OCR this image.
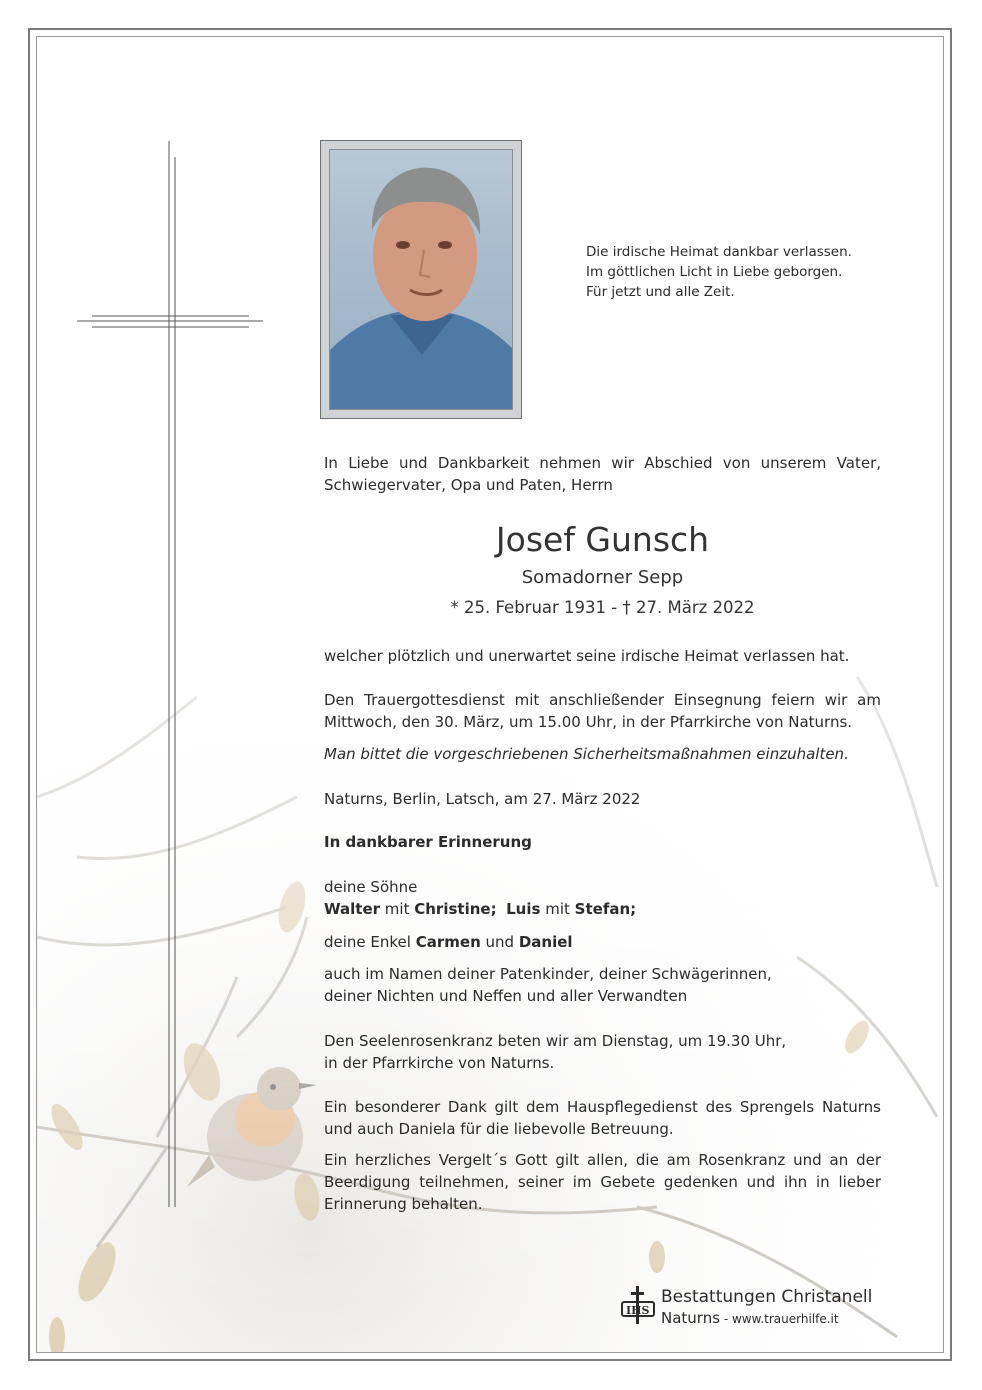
Die irdische Heimat dankbar verlassen.
Im göttlichen Licht in Liebe geborgen.
Für jetzt und alle Zeit.
In Liebe und Dankbarkeit nehmen wir Abschied von unserem Vater, Schwiegervater, Opa und Paten, Herrn
Josef Gunsch
Somadorner Sepp
* 25. Februar 1931 - † 27. März 2022
welcher plötzlich und unerwartet seine irdische Heimat verlassen hat.
Den Trauergottesdienst mit anschließender Einsegnung feiern wir am Mittwoch, den 30. März, um 15.00 Uhr, in der Pfarrkirche von Naturns.
Man bittet die vorgeschriebenen Sicherheitsmaßnahmen einzuhalten.
Naturns, Berlin, Latsch, am 27. März 2022
In dankbarer Erinnerung
deine Söhne
Walter mit Christine; Luis mit Stefan;
deine Enkel Carmen und Daniel
auch im Namen deiner Patenkinder, deiner Schwägerinnen,
deiner Nichten und Neffen und aller Verwandten
Den Seelenrosenkranz beten wir am Dienstag, um 19.30 Uhr,
in der Pfarrkirche von Naturns.
Ein besonderer Dank gilt dem Hauspflegedienst des Sprengels Naturns und auch Daniela für die liebevolle Betreuung.
Ein herzliches Vergelt´s Gott gilt allen, die am Rosenkranz und an der Beerdigung teilnehmen, seiner im Gebete gedenken und ihn in lieber Erinnerung behalten.
IHS
Bestattungen Christanell
Naturns - www.trauerhilfe.it
